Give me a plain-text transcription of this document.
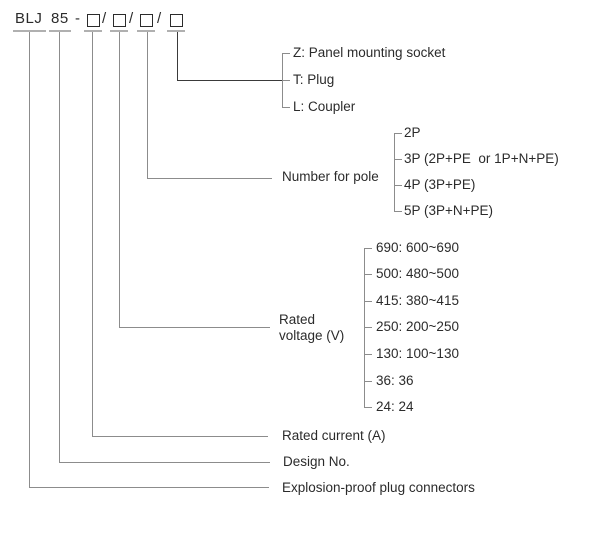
BLJ 85 - / / /
Z: Panel mounting socket
T: Plug
L: Coupler
Number for pole
2P
3P (2P+PE  or 1P+N+PE)
4P (3P+PE)
5P (3P+N+PE)
Rated
voltage (V)
690: 600~690
500: 480~500
415: 380~415
250: 200~250
130: 100~130
36: 36
24: 24
Rated current (A)
Design No.
Explosion-proof plug connectors
